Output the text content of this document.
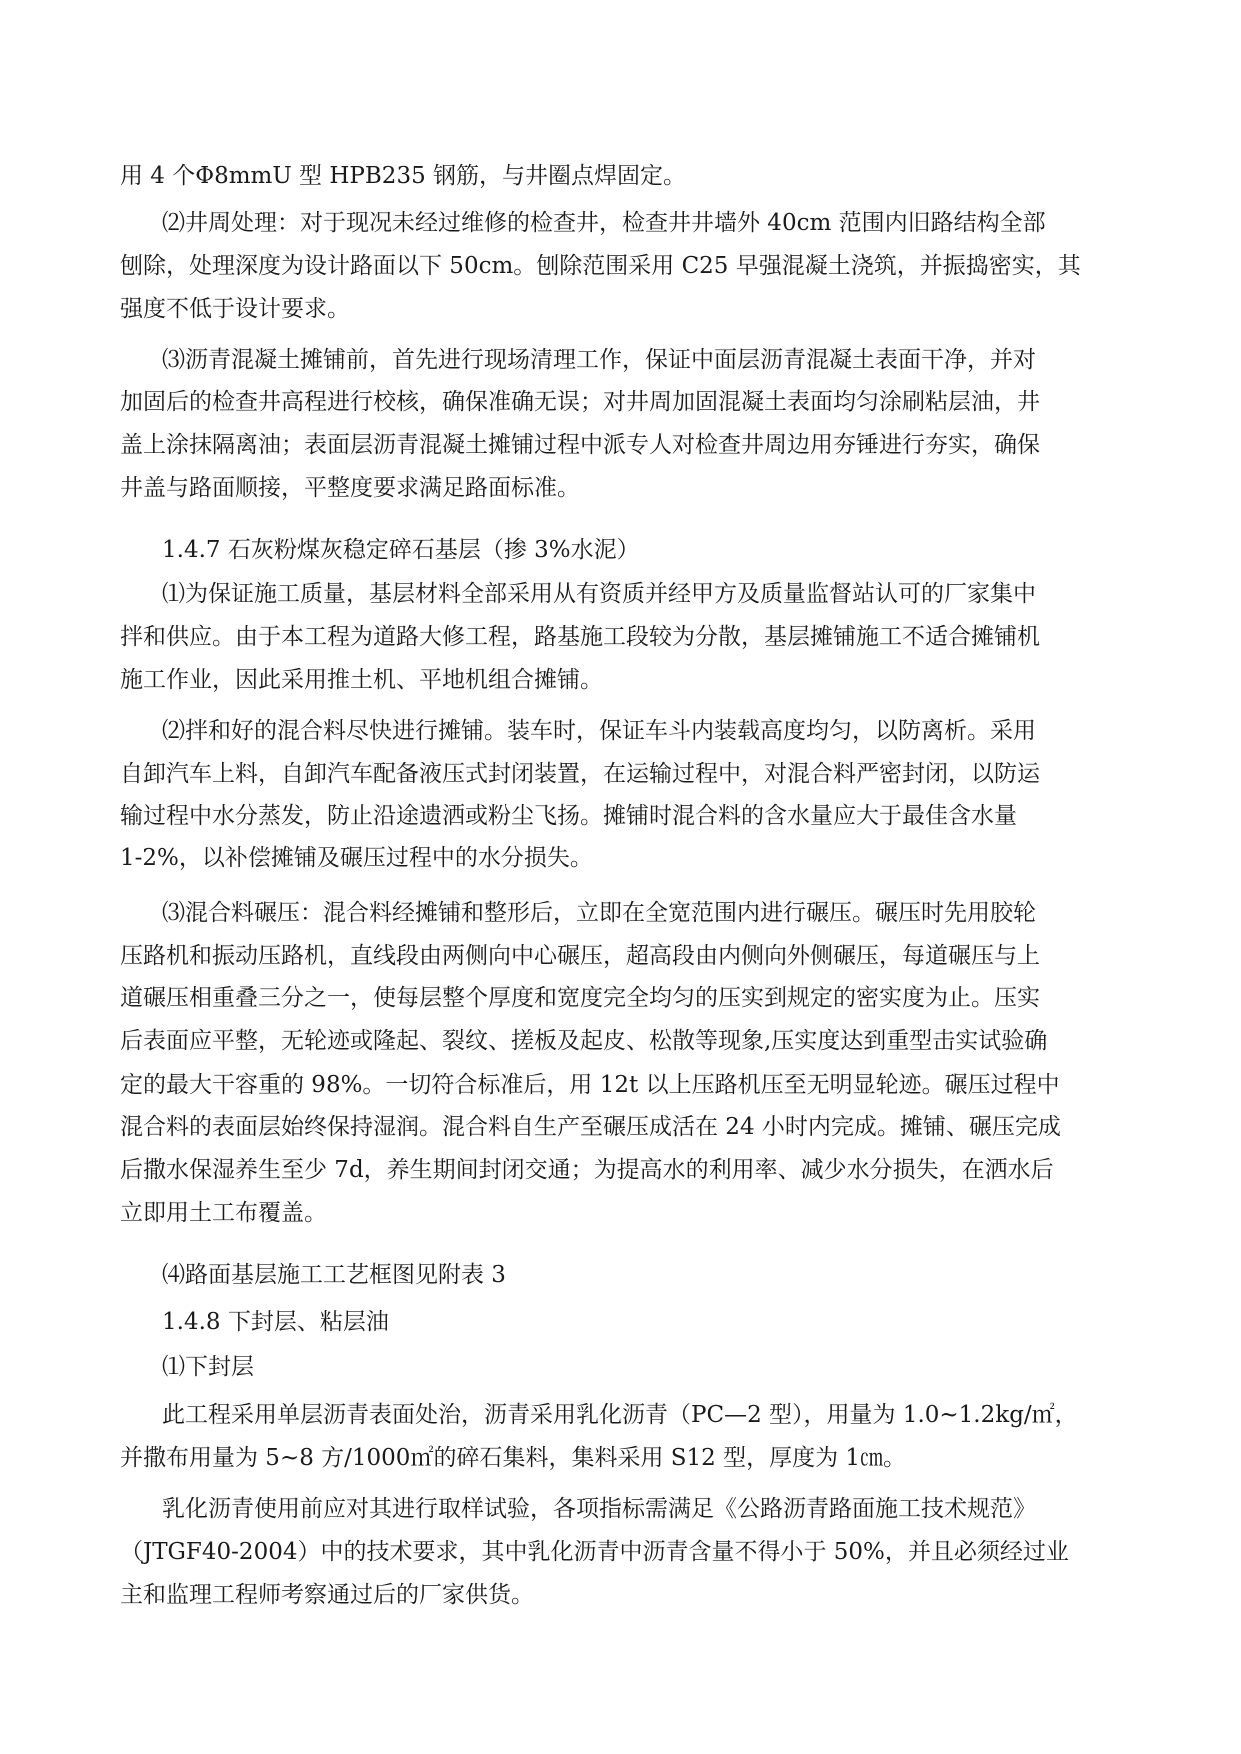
用 4 个Φ8mmU 型 HPB235 钢筋，与井圈点焊固定。
⑵井周处理：对于现况未经过维修的检查井，检查井井墙外 40cm 范围内旧路结构全部
刨除，处理深度为设计路面以下 50cm。刨除范围采用 C25 早强混凝土浇筑，并振捣密实，其
强度不低于设计要求。
⑶沥青混凝土摊铺前，首先进行现场清理工作，保证中面层沥青混凝土表面干净，并对
加固后的检查井高程进行校核，确保准确无误；对井周加固混凝土表面均匀涂刷粘层油，井
盖上涂抹隔离油；表面层沥青混凝土摊铺过程中派专人对检查井周边用夯锤进行夯实，确保
井盖与路面顺接，平整度要求满足路面标准。
1.4.7 石灰粉煤灰稳定碎石基层（掺 3%水泥）
⑴为保证施工质量，基层材料全部采用从有资质并经甲方及质量监督站认可的厂家集中
拌和供应。由于本工程为道路大修工程，路基施工段较为分散，基层摊铺施工不适合摊铺机
施工作业，因此采用推土机、平地机组合摊铺。
⑵拌和好的混合料尽快进行摊铺。装车时，保证车斗内装载高度均匀，以防离析。采用
自卸汽车上料，自卸汽车配备液压式封闭装置，在运输过程中，对混合料严密封闭，以防运
输过程中水分蒸发，防止沿途遗洒或粉尘飞扬。摊铺时混合料的含水量应大于最佳含水量
1-2%，以补偿摊铺及碾压过程中的水分损失。
⑶混合料碾压：混合料经摊铺和整形后，立即在全宽范围内进行碾压。碾压时先用胶轮
压路机和振动压路机，直线段由两侧向中心碾压，超高段由内侧向外侧碾压，每道碾压与上
道碾压相重叠三分之一，使每层整个厚度和宽度完全均匀的压实到规定的密实度为止。压实
后表面应平整，无轮迹或隆起、裂纹、搓板及起皮、松散等现象,压实度达到重型击实试验确
定的最大干容重的 98%。一切符合标准后，用 12t 以上压路机压至无明显轮迹。碾压过程中
混合料的表面层始终保持湿润。混合料自生产至碾压成活在 24 小时内完成。摊铺、碾压完成
后撒水保湿养生至少 7d，养生期间封闭交通；为提高水的利用率、减少水分损失，在洒水后
立即用土工布覆盖。
⑷路面基层施工工艺框图见附表 3
1.4.8 下封层、粘层油
⑴下封层
此工程采用单层沥青表面处治，沥青采用乳化沥青（PC—2 型），用量为 1.0~1.2kg/㎡，
并撒布用量为 5~8 方/1000㎡的碎石集料，集料采用 S12 型，厚度为 1㎝。
乳化沥青使用前应对其进行取样试验，各项指标需满足《公路沥青路面施工技术规范》
（JTGF40-2004）中的技术要求，其中乳化沥青中沥青含量不得小于 50%，并且必须经过业
主和监理工程师考察通过后的厂家供货。
